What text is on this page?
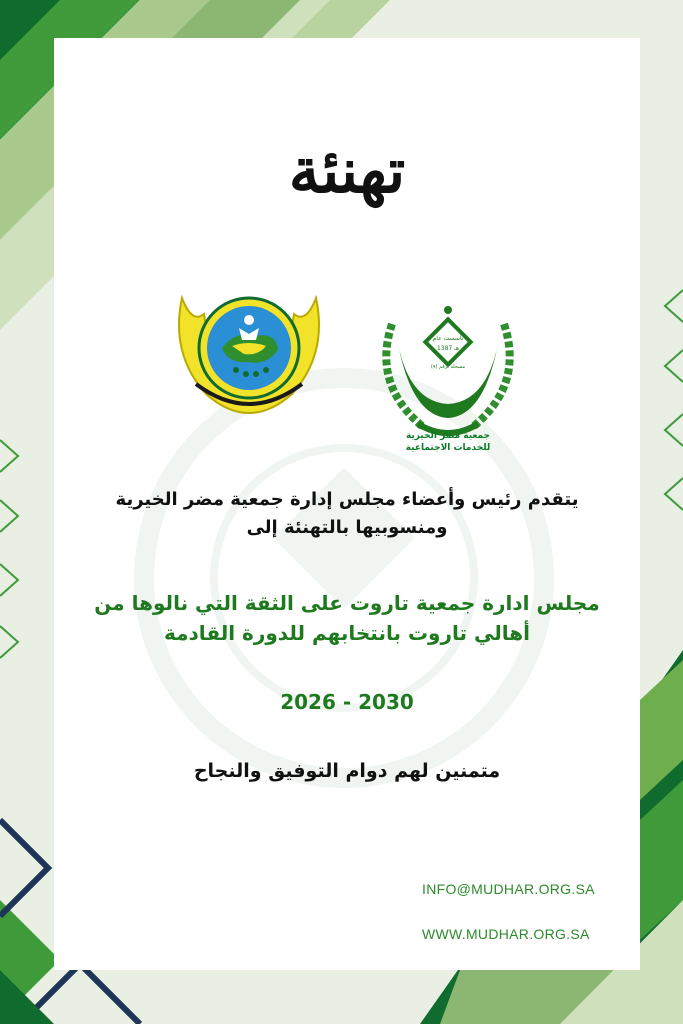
تهنئة
تأسست عام
1387 هـ
مسجلة برقم (٩)
جمعية مضر الخيرية
للخدمات الاجتماعية
يتقدم رئيس وأعضاء مجلس إدارة جمعية مضر الخيرية
ومنسوبيها بالتهنئة إلى
مجلس ادارة جمعية تاروت على الثقة التي نالوها من
أهالي تاروت بانتخابهم للدورة القادمة
2030 - 2026
متمنين لهم دوام التوفيق والنجاح
INFO@MUDHAR.ORG.SA
WWW.MUDHAR.ORG.SA
